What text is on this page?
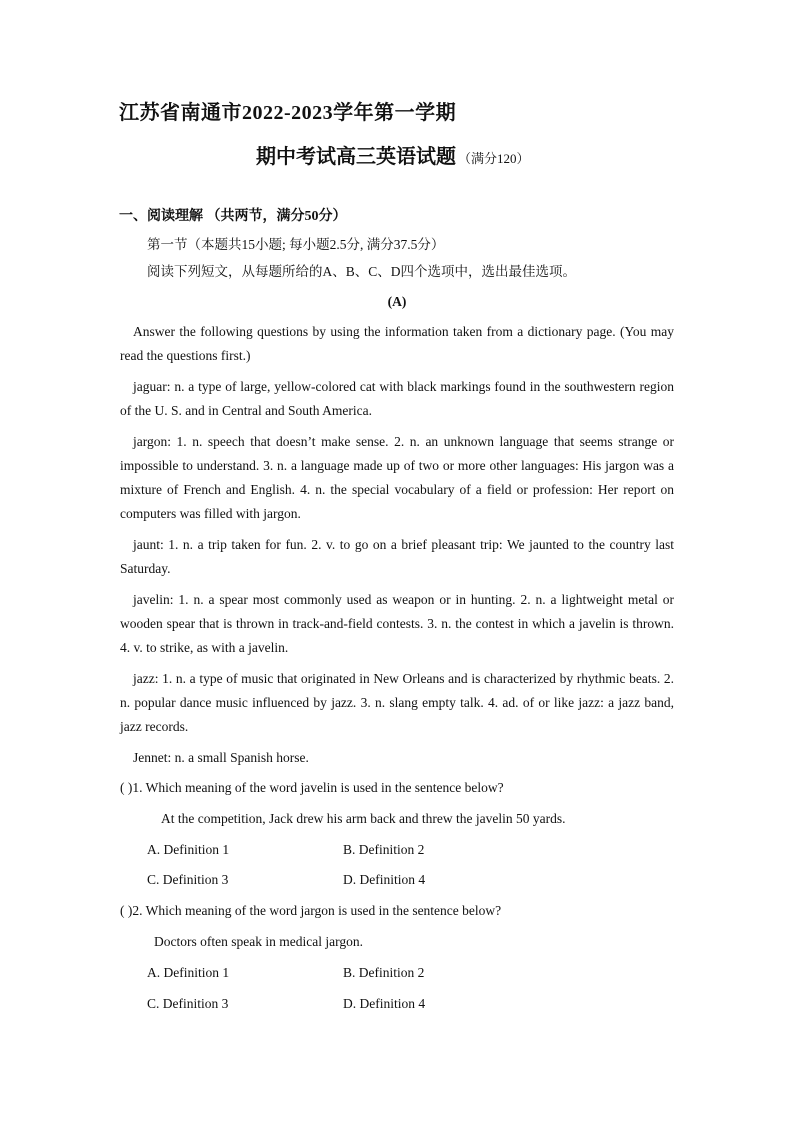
江苏省南通市2022-2023学年第一学期
期中考试高三英语试题 （满分120）
一、阅读理解 （共两节，满分50分）
第一节（本题共15小题; 每小题2.5分, 满分37.5分）
阅读下列短文，从每题所给的A、B、C、D四个选项中，选出最佳选项。
(A)
Answer the following questions by using the information taken from a dictionary page. (You may read the questions first.)
jaguar: n. a type of large, yellow-colored cat with black markings found in the southwestern region of the U. S. and in Central and South America.
jargon: 1. n. speech that doesn’t make sense. 2. n. an unknown language that seems strange or impossible to understand. 3. n. a language made up of two or more other languages: His jargon was a mixture of French and English. 4. n. the special vocabulary of a field or profession: Her report on computers was filled with jargon.
jaunt: 1. n. a trip taken for fun. 2. v. to go on a brief pleasant trip: We jaunted to the country last Saturday.
javelin: 1. n. a spear most commonly used as weapon or in hunting. 2. n. a lightweight metal or wooden spear that is thrown in track-and-field contests. 3. n. the contest in which a javelin is thrown. 4. v. to strike, as with a javelin.
jazz: 1. n. a type of music that originated in New Orleans and is characterized by rhythmic beats. 2. n. popular dance music influenced by jazz. 3. n. slang empty talk. 4. ad. of or like jazz: a jazz band, jazz records.
Jennet: n. a small Spanish horse.
( )1. Which meaning of the word javelin is used in the sentence below?
At the competition, Jack drew his arm back and threw the javelin 50 yards.
A. Definition 1	B. Definition 2
C. Definition 3	D. Definition 4
( )2. Which meaning of the word jargon is used in the sentence below?
Doctors often speak in medical jargon.
A. Definition 1	B. Definition 2
C. Definition 3	D. Definition 4
